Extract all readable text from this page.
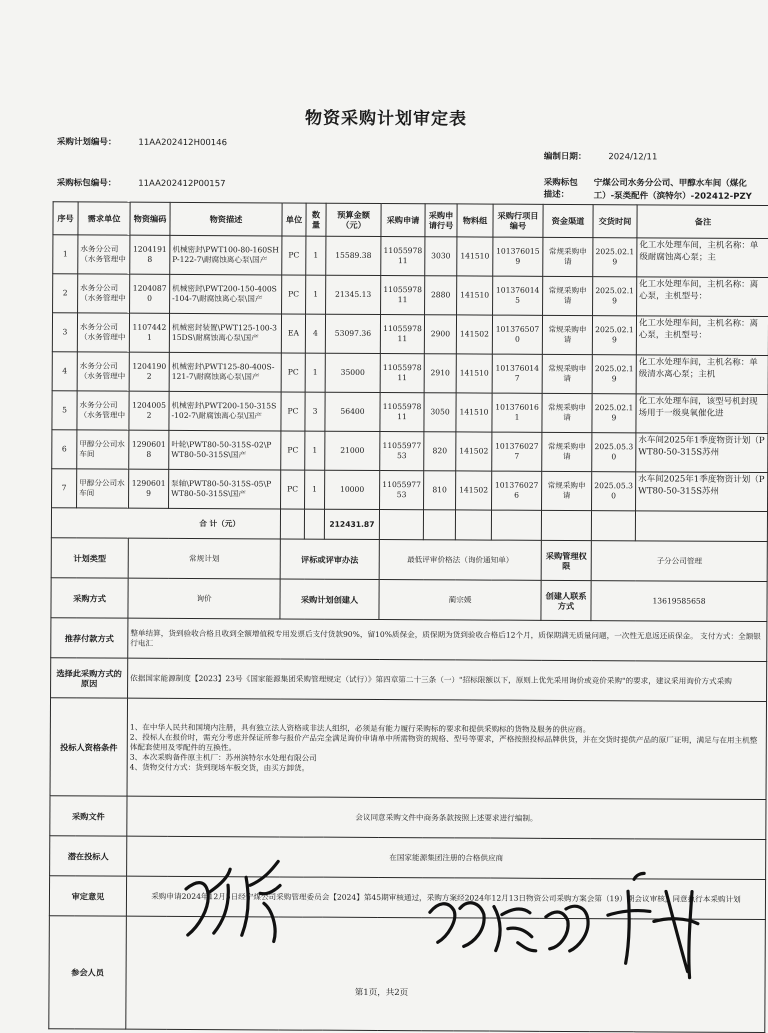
物资采购计划审定表
采购计划编号：	11AA202412H00146
编制日期：	2024/12/11
采购标包编号：	11AA202412P00157	采购标包描述：
宁煤公司水务分公司、甲醇水车间（煤化工）-泵类配件（滨特尔）-202412-PZY
序号	需求单位	物资编码	物资描述	单位	数量	预算金额（元）	采购申请	采购申请行号	物料组	采购行项目编号	资金渠道	交货时间	备注
1	水务分公司（水务管理中	12041918	机械密封\PWT100-80-160SHP-122-7\耐腐蚀离心泵\国产	PC	1	15589.38	1105597811	3030	141510	1013760159	常规采购申请	2025.02.19	化工水处理车间，主机名称：单级耐腐蚀离心泵；主

2	水务分公司（水务管理中	12040870	机械密封\PWT200-150-400S-104-7\耐腐蚀离心泵\国产	PC	1	21345.13	1105597811	2880	141510	1013760145	常规采购申请	2025.02.19	化工水处理车间，主机名称：离心泵，主机型号：

3	水务分公司（水务管理中	11074421	机械密封装置\PWT125-100-315DS\耐腐蚀离心泵\国产	EA	4	53097.36	1105597811	2900	141502	1013765070	常规采购申请	2025.02.19	化工水处理车间，主机名称：离心泵，主机型号：

4	水务分公司（水务管理中	12041902	机械密封\PWT125-80-400S-121-7\耐腐蚀离心泵\国产	PC	1	35000	1105597811	2910	141510	1013760147	常规采购申请	2025.02.19	化工水处理车间，主机名称：单级清水离心泵；主机

5	水务分公司（水务管理中	12040052	机械密封\PWT200-150-315S-102-7\耐腐蚀离心泵\国产	PC	3	56400	1105597811	3050	141510	1013760161	常规采购申请	2025.02.19	化工水处理车间，该型号机封现场用于一级臭氧催化进

6	甲醇分公司水车间	12906018	叶轮\PWT80-50-315S-02\PWT80-50-315S\国产	PC	1	21000	1105597753	820	141502	1013760277	常规采购申请	2025.05.30	水车间2025年1季度物资计划（PWT80-50-315S苏州

7	甲醇分公司水车间	12906019	泵轴\PWT80-50-315S-05\PWT80-50-315S\国产	PC	1	10000	1105597753	810	141502	1013760276	常规采购申请	2025.05.30	水车间2025年1季度物资计划（PWT80-50-315S苏州

合 计（元）						212431.87							
计划类型		常规计划		评标或评审办法			最低评审价格法（询价通知单）				采购管理权限	子分公司管理	
采购方式		询价		采购计划创建人			蔺宗媛				创建人联系方式	13619585658	
推荐付款方式		整单结算，货到验收合格且收到全额增值税专用发票后支付货款90%，留10%质保金，质保期为货到验收合格后12个月，质保期满无质量问题，一次性无息返还质保金。 支付方式：全额银行电汇											
选择此采购方式的原因		依据国家能源制度【2023】23号《国家能源集团采购管理规定（试行）》第四章第二十三条（一）"招标限额以下，原则上优先采用询价或竞价采购"的要求，建议采用询价方式采购											
投标人资格条件		1、在中华人民共和国境内注册，具有独立法人资格或非法人组织，必须是有能力履行采购标的要求和提供采购标的货物及服务的供应商。
2、投标人在报价时，需充分考虑并保证所参与报价产品完全满足询价申请单中所需物资的规格、型号等要求，严格按照投标品牌供货，并在交货时提供产品的原厂证明，满足与在用主机整体配套使用及零配件的互换性。
3、本次采购备件原主机厂：苏州滨特尔水处理有限公司
4、货物交付方式：货到现场车板交货，由买方卸货。											

采购文件		会议同意采购文件中商务条款按照上述要求进行编制。											
潜在投标人		在国家能源集团注册的合格供应商											
审定意见		采购申请2024年12月5日经宁煤公司采购管理委员会【2024】第45期审核通过，采购方案经2024年12月13日物资公司采购方案会第（19）期会议审核，同意执行本采购计划											
参会人员													
第1页，共2页
